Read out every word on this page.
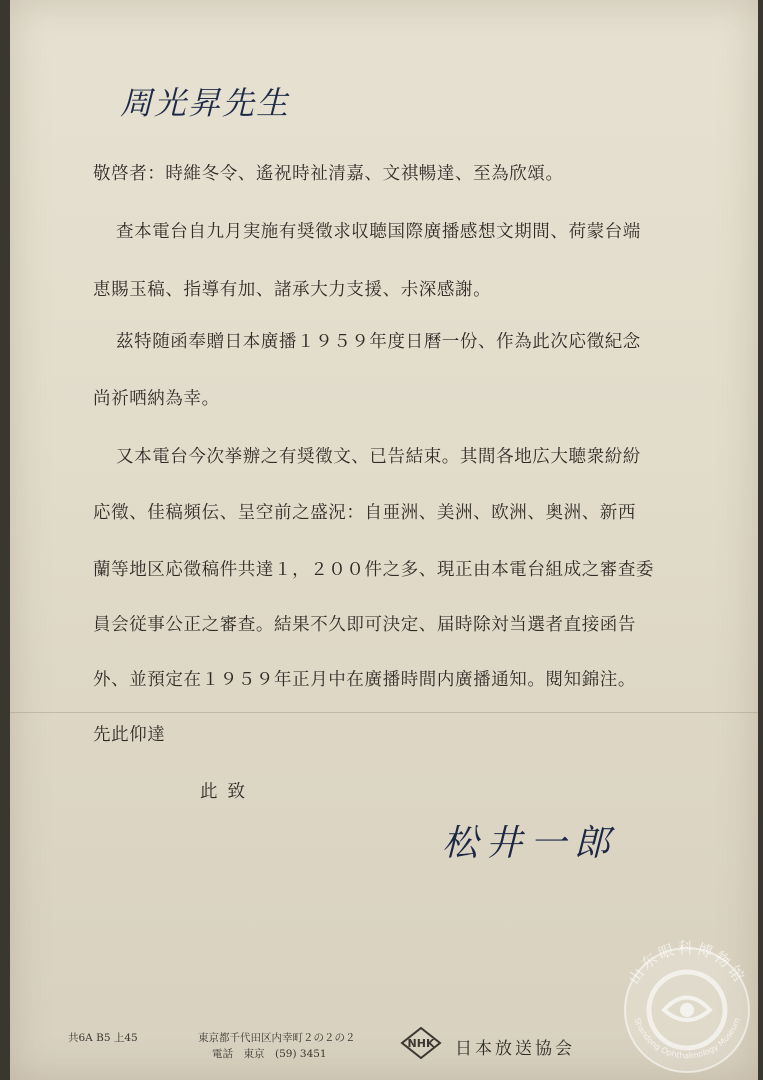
周光昇先生
敬啓者：時維冬令、遙祝時祉清嘉、文祺暢達、至為欣頌。
查本電台自九月実施有奨徵求収聴国際廣播感想文期間、荷蒙台端
恵賜玉稿、指導有加、諸承大力支援、尗深感謝。
茲特随函奉贈日本廣播１９５９年度日曆一份、作為此次応徵紀念
尚祈哂納為幸。
又本電台今次挙辦之有奨徵文、已告結束。其間各地広大聴衆紛紛
応徵、佳稿頻伝、呈空前之盛況：自亜洲、美洲、欧洲、奥洲、新西
蘭等地区応徵稿件共達１，２００件之多、現正由本電台組成之審查委
員会従事公正之審查。結果不久即可決定、届時除対当選者直接函告
外、並預定在１９５９年正月中在廣播時間内廣播通知。閱知錦注。
先此仰達
此致
松井一郎
共6A B5 上45	東京都千代田区内幸町２の２の２
電話　東京　(59) 3451
NHK 日本放送協会
山东眼科博物馆
Shandong Ophthalmology Museum
